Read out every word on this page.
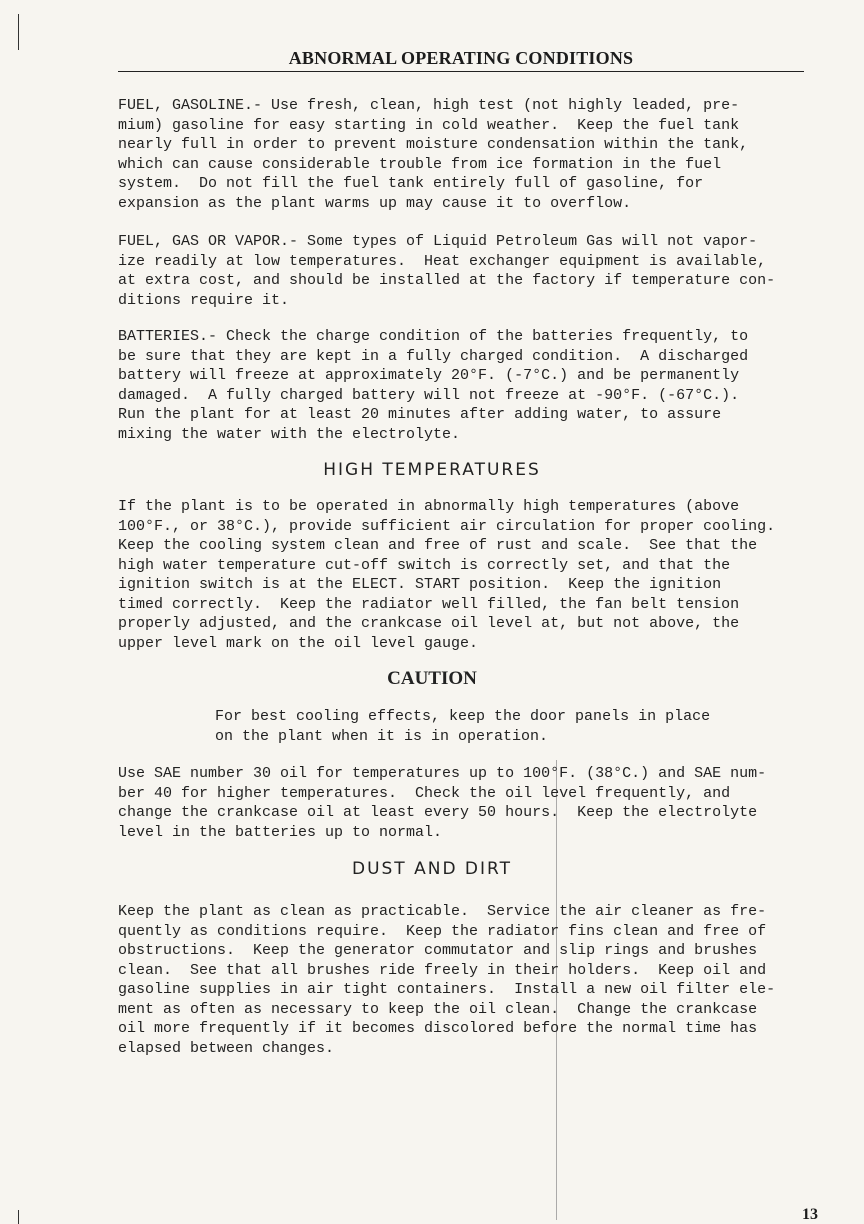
ABNORMAL OPERATING CONDITIONS

FUEL, GASOLINE.- Use fresh, clean, high test (not highly leaded, pre-
mium) gasoline for easy starting in cold weather.  Keep the fuel tank
nearly full in order to prevent moisture condensation within the tank,
which can cause considerable trouble from ice formation in the fuel
system.  Do not fill the fuel tank entirely full of gasoline, for
expansion as the plant warms up may cause it to overflow.

FUEL, GAS OR VAPOR.- Some types of Liquid Petroleum Gas will not vapor-
ize readily at low temperatures.  Heat exchanger equipment is available,
at extra cost, and should be installed at the factory if temperature con-
ditions require it.

BATTERIES.- Check the charge condition of the batteries frequently, to
be sure that they are kept in a fully charged condition.  A discharged
battery will freeze at approximately 20°F. (-7°C.) and be permanently
damaged.  A fully charged battery will not freeze at -90°F. (-67°C.).
Run the plant for at least 20 minutes after adding water, to assure
mixing the water with the electrolyte.

HIGH TEMPERATURES

If the plant is to be operated in abnormally high temperatures (above
100°F., or 38°C.), provide sufficient air circulation for proper cooling.
Keep the cooling system clean and free of rust and scale.  See that the
high water temperature cut-off switch is correctly set, and that the
ignition switch is at the ELECT. START position.  Keep the ignition
timed correctly.  Keep the radiator well filled, the fan belt tension
properly adjusted, and the crankcase oil level at, but not above, the
upper level mark on the oil level gauge.

CAUTION

For best cooling effects, keep the door panels in place
on the plant when it is in operation.

Use SAE number 30 oil for temperatures up to 100°F. (38°C.) and SAE num-
ber 40 for higher temperatures.  Check the oil level frequently, and
change the crankcase oil at least every 50 hours.  Keep the electrolyte
level in the batteries up to normal.

DUST AND DIRT

Keep the plant as clean as practicable.  Service the air cleaner as fre-
quently as conditions require.  Keep the radiator fins clean and free of
obstructions.  Keep the generator commutator and slip rings and brushes
clean.  See that all brushes ride freely in their holders.  Keep oil and
gasoline supplies in air tight containers.  Install a new oil filter ele-
ment as often as necessary to keep the oil clean.  Change the crankcase
oil more frequently if it becomes discolored before the normal time has
elapsed between changes.

13
